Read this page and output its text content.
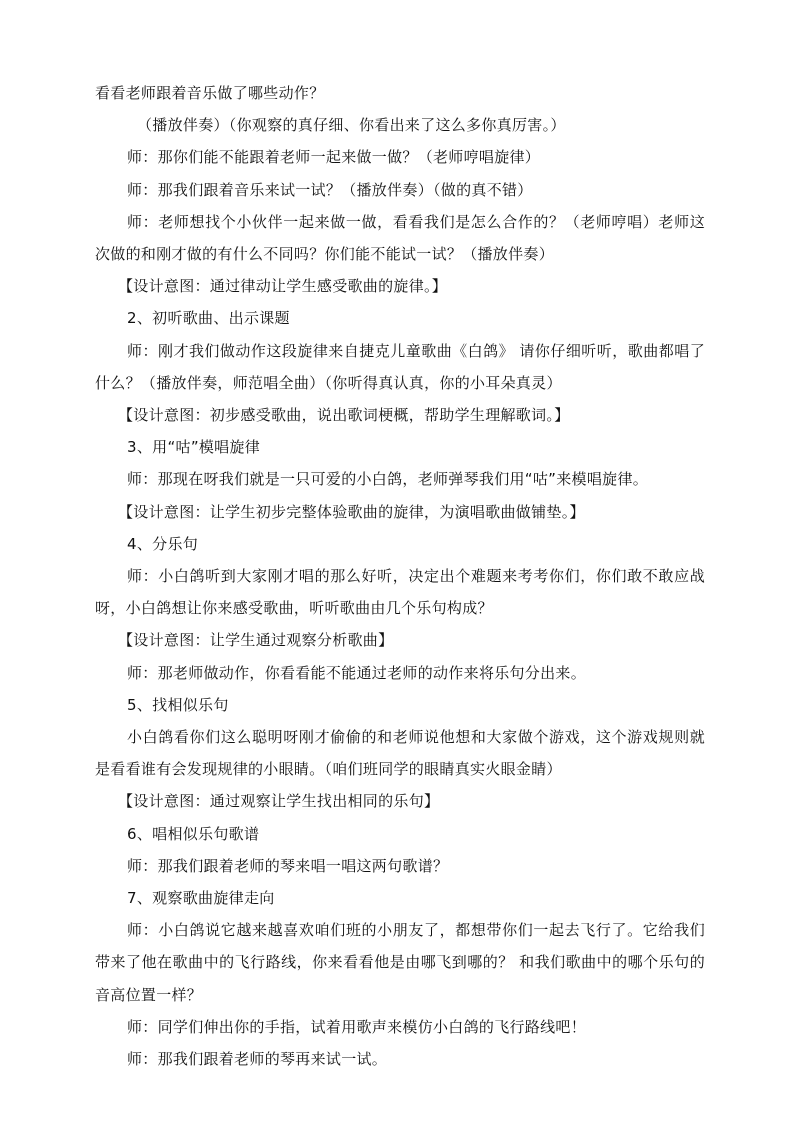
看看老师跟着音乐做了哪些动作？

（播放伴奏）（你观察的真仔细、你看出来了这么多你真厉害。）

师：那你们能不能跟着老师一起来做一做？（老师哼唱旋律）

师：那我们跟着音乐来试一试？（播放伴奏）（做的真不错）

师：老师想找个小伙伴一起来做一做，看看我们是怎么合作的？（老师哼唱）老师这次做的和刚才做的有什么不同吗？你们能不能试一试？（播放伴奏）

【设计意图：通过律动让学生感受歌曲的旋律。】

2、初听歌曲、出示课题

师：刚才我们做动作这段旋律来自捷克儿童歌曲《白鸽》 请你仔细听听，歌曲都唱了什么？（播放伴奏，师范唱全曲）（你听得真认真，你的小耳朵真灵）

【设计意图：初步感受歌曲，说出歌词梗概，帮助学生理解歌词。】

3、用“咕”模唱旋律

师：那现在呀我们就是一只可爱的小白鸽，老师弹琴我们用“咕”来模唱旋律。

【设计意图：让学生初步完整体验歌曲的旋律，为演唱歌曲做铺垫。】

4、分乐句

师：小白鸽听到大家刚才唱的那么好听，决定出个难题来考考你们，你们敢不敢应战呀，小白鸽想让你来感受歌曲，听听歌曲由几个乐句构成？

【设计意图：让学生通过观察分析歌曲】

师：那老师做动作，你看看能不能通过老师的动作来将乐句分出来。

5、找相似乐句

小白鸽看你们这么聪明呀刚才偷偷的和老师说他想和大家做个游戏，这个游戏规则就是看看谁有会发现规律的小眼睛。（咱们班同学的眼睛真实火眼金睛）

【设计意图：通过观察让学生找出相同的乐句】

6、唱相似乐句歌谱

师：那我们跟着老师的琴来唱一唱这两句歌谱？

7、观察歌曲旋律走向

师：小白鸽说它越来越喜欢咱们班的小朋友了，都想带你们一起去飞行了。它给我们带来了他在歌曲中的飞行路线，你来看看他是由哪飞到哪的？ 和我们歌曲中的哪个乐句的音高位置一样？

师：同学们伸出你的手指，试着用歌声来模仿小白鸽的飞行路线吧！

师：那我们跟着老师的琴再来试一试。
